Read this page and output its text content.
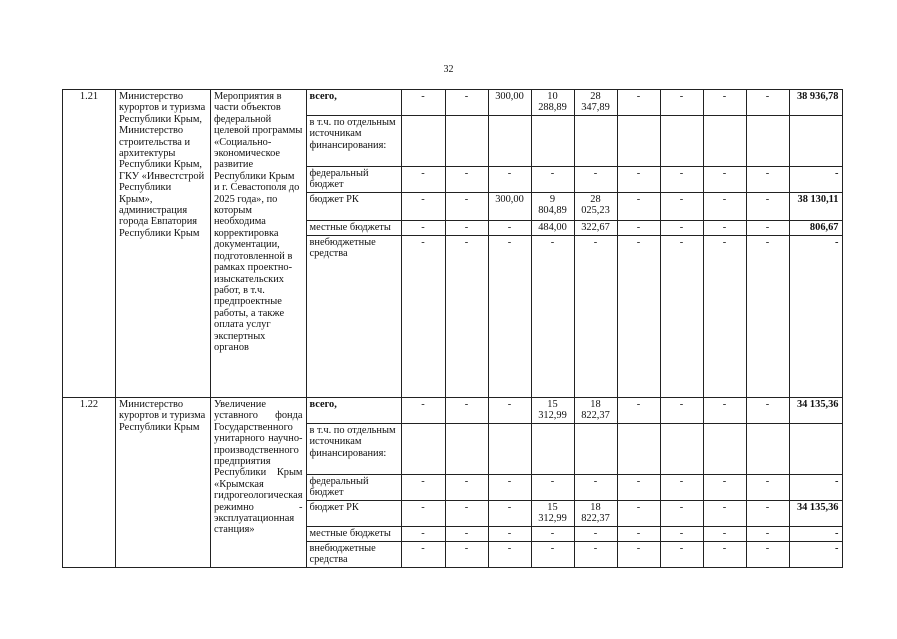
32
1.21	Министерство курортов и туризма Республики Крым, Министерство строительства и архитектуры Республики Крым, ГКУ «Инвестстрой Республики Крым», администрация города Евпатория Республики Крым	Мероприятия в части объектов федеральной целевой программы «Социально-экономическое развитие Республики Крым и г. Севастополя до 2025 года», по которым необходима корректировка документации, подготовленной в рамках проектно-изыскательских работ, в т.ч. предпроектные работы, а также оплата услуг экспертных органов	всего,	-	-	300,00	10 288,89	28 347,89	-	-	-	-	38 936,78
			в т.ч. по отдельным источникам финансирования:										
			федеральный бюджет	-	-	-	-	-	-	-	-	-	-
			бюджет РК	-	-	300,00	9 804,89	28 025,23	-	-	-	-	38 130,11
			местные бюджеты	-	-	-	484,00	322,67	-	-	-	-	806,67
			внебюджетные средства	-	-	-	-	-	-	-	-	-	-
1.22	Министерство курортов и туризма Республики Крым	Увеличение уставного фонда Государственного унитарного научно-производственного предприятия Республики Крым «Крымская гидрогеологическая режимно - эксплуатационная станция»	всего,	-	-	-	15 312,99	18 822,37	-	-	-	-	34 135,36
			в т.ч. по отдельным источникам финансирования:										
			федеральный бюджет	-	-	-	-	-	-	-	-	-	-
			бюджет РК	-	-	-	15 312,99	18 822,37	-	-	-	-	34 135,36
			местные бюджеты	-	-	-	-	-	-	-	-	-	-
			внебюджетные средства	-	-	-	-	-	-	-	-	-	-
